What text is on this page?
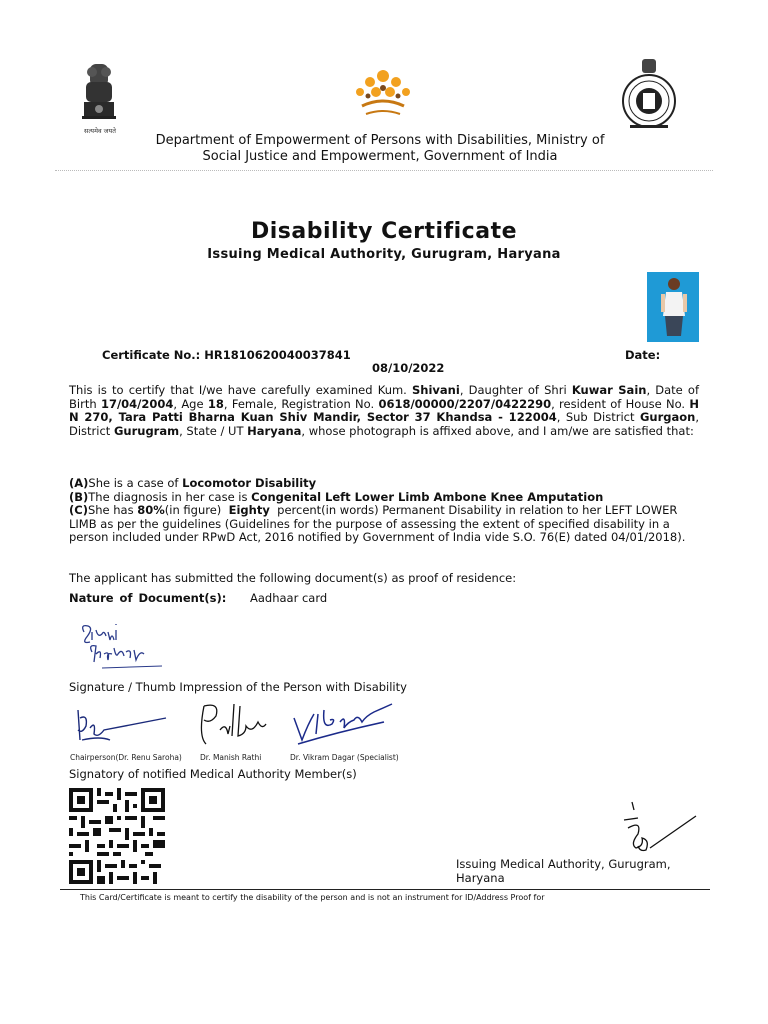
सत्यमेव जयते
Department of Empowerment of Persons with Disabilities, Ministry of Social Justice and Empowerment, Government of India
Disability Certificate
Issuing Medical Authority, Gurugram, Haryana
Certificate No.: HR1810620040037841	Date:
08/10/2022
This is to certify that I/we have carefully examined Kum. Shivani, Daughter of Shri Kuwar Sain, Date of Birth 17/04/2004, Age 18, Female, Registration No. 0618/00000/2207/0422290, resident of House No. H N 270, Tara Patti Bharna Kuan Shiv Mandir, Sector 37 Khandsa - 122004, Sub District Gurgaon, District Gurugram, State / UT Haryana, whose photograph is affixed above, and I am/we are satisfied that:
(A)She is a case of Locomotor Disability
(B)The diagnosis in her case is Congenital Left Lower Limb Ambone Knee Amputation
(C)She has 80%(in figure) Eighty percent(in words) Permanent Disability in relation to her LEFT LOWER LIMB as per the guidelines (Guidelines for the purpose of assessing the extent of specified disability in a person included under RPwD Act, 2016 notified by Government of India vide S.O. 76(E) dated 04/01/2018).
The applicant has submitted the following document(s) as proof of residence:
Nature of Document(s): Aadhaar card
Signature / Thumb Impression of the Person with Disability
Chairperson(Dr. Renu Saroha) Dr. Manish Rathi	Dr. Vikram Dagar (Specialist)
Signatory of notified Medical Authority Member(s)
Issuing Medical Authority, Gurugram, Haryana
This Card/Certificate is meant to certify the disability of the person and is not an instrument for ID/Address Proof for
